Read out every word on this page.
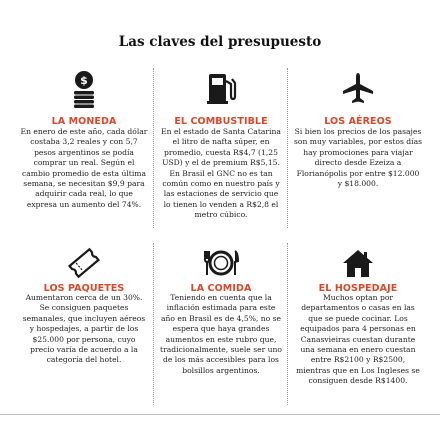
Las claves del presupuesto
$
LA MONEDA
En enero de este año, cada dólar costaba 3,2 reales y con 5,7 pesos argentinos se podía comprar un real. Según el cambio promedio de esta última semana, se necesitan $9,9 para adquirir cada real, lo que expresa un aumento del 74%.
EL COMBUSTIBLE
En el estado de Santa Catarina el litro de nafta súper, en promedio, cuesta R$4,7 (1,25 USD) y el de premium R$5,15. En Brasil el GNC no es tan común como en nuestro país y las estaciones de servicio que lo tienen lo venden a R$2,8 el metro cúbico.
LOS AÉREOS
Si bien los precios de los pasajes son muy variables, por estos días hay promociones para viajar directo desde Ezeiza a Florianópolis por entre $12.000 y $18.000.
LOS PAQUETES
Aumentaron cerca de un 30%. Se consiguen paquetes semanales, que incluyen aéreos y hospedajes, a partir de los $25.000 por persona, cuyo precio varía de acuerdo a la categoría del hotel.
LA COMIDA
Teniendo en cuenta que la inflación estimada para este año en Brasil es de 4,5%, no se espera que haya grandes aumentos en este rubro que, tradicionalmente, suele ser uno de los más accesibles para los bolsillos argentinos.
EL HOSPEDAJE
Muchos optan por departamentos o casas en las que se puede cocinar. Los equipados para 4 personas en Canasvieiras cuestan durante una semana en enero cuestan entre R$2100 y R$2500, mientras que en Los Ingleses se consiguen desde R$1400.
